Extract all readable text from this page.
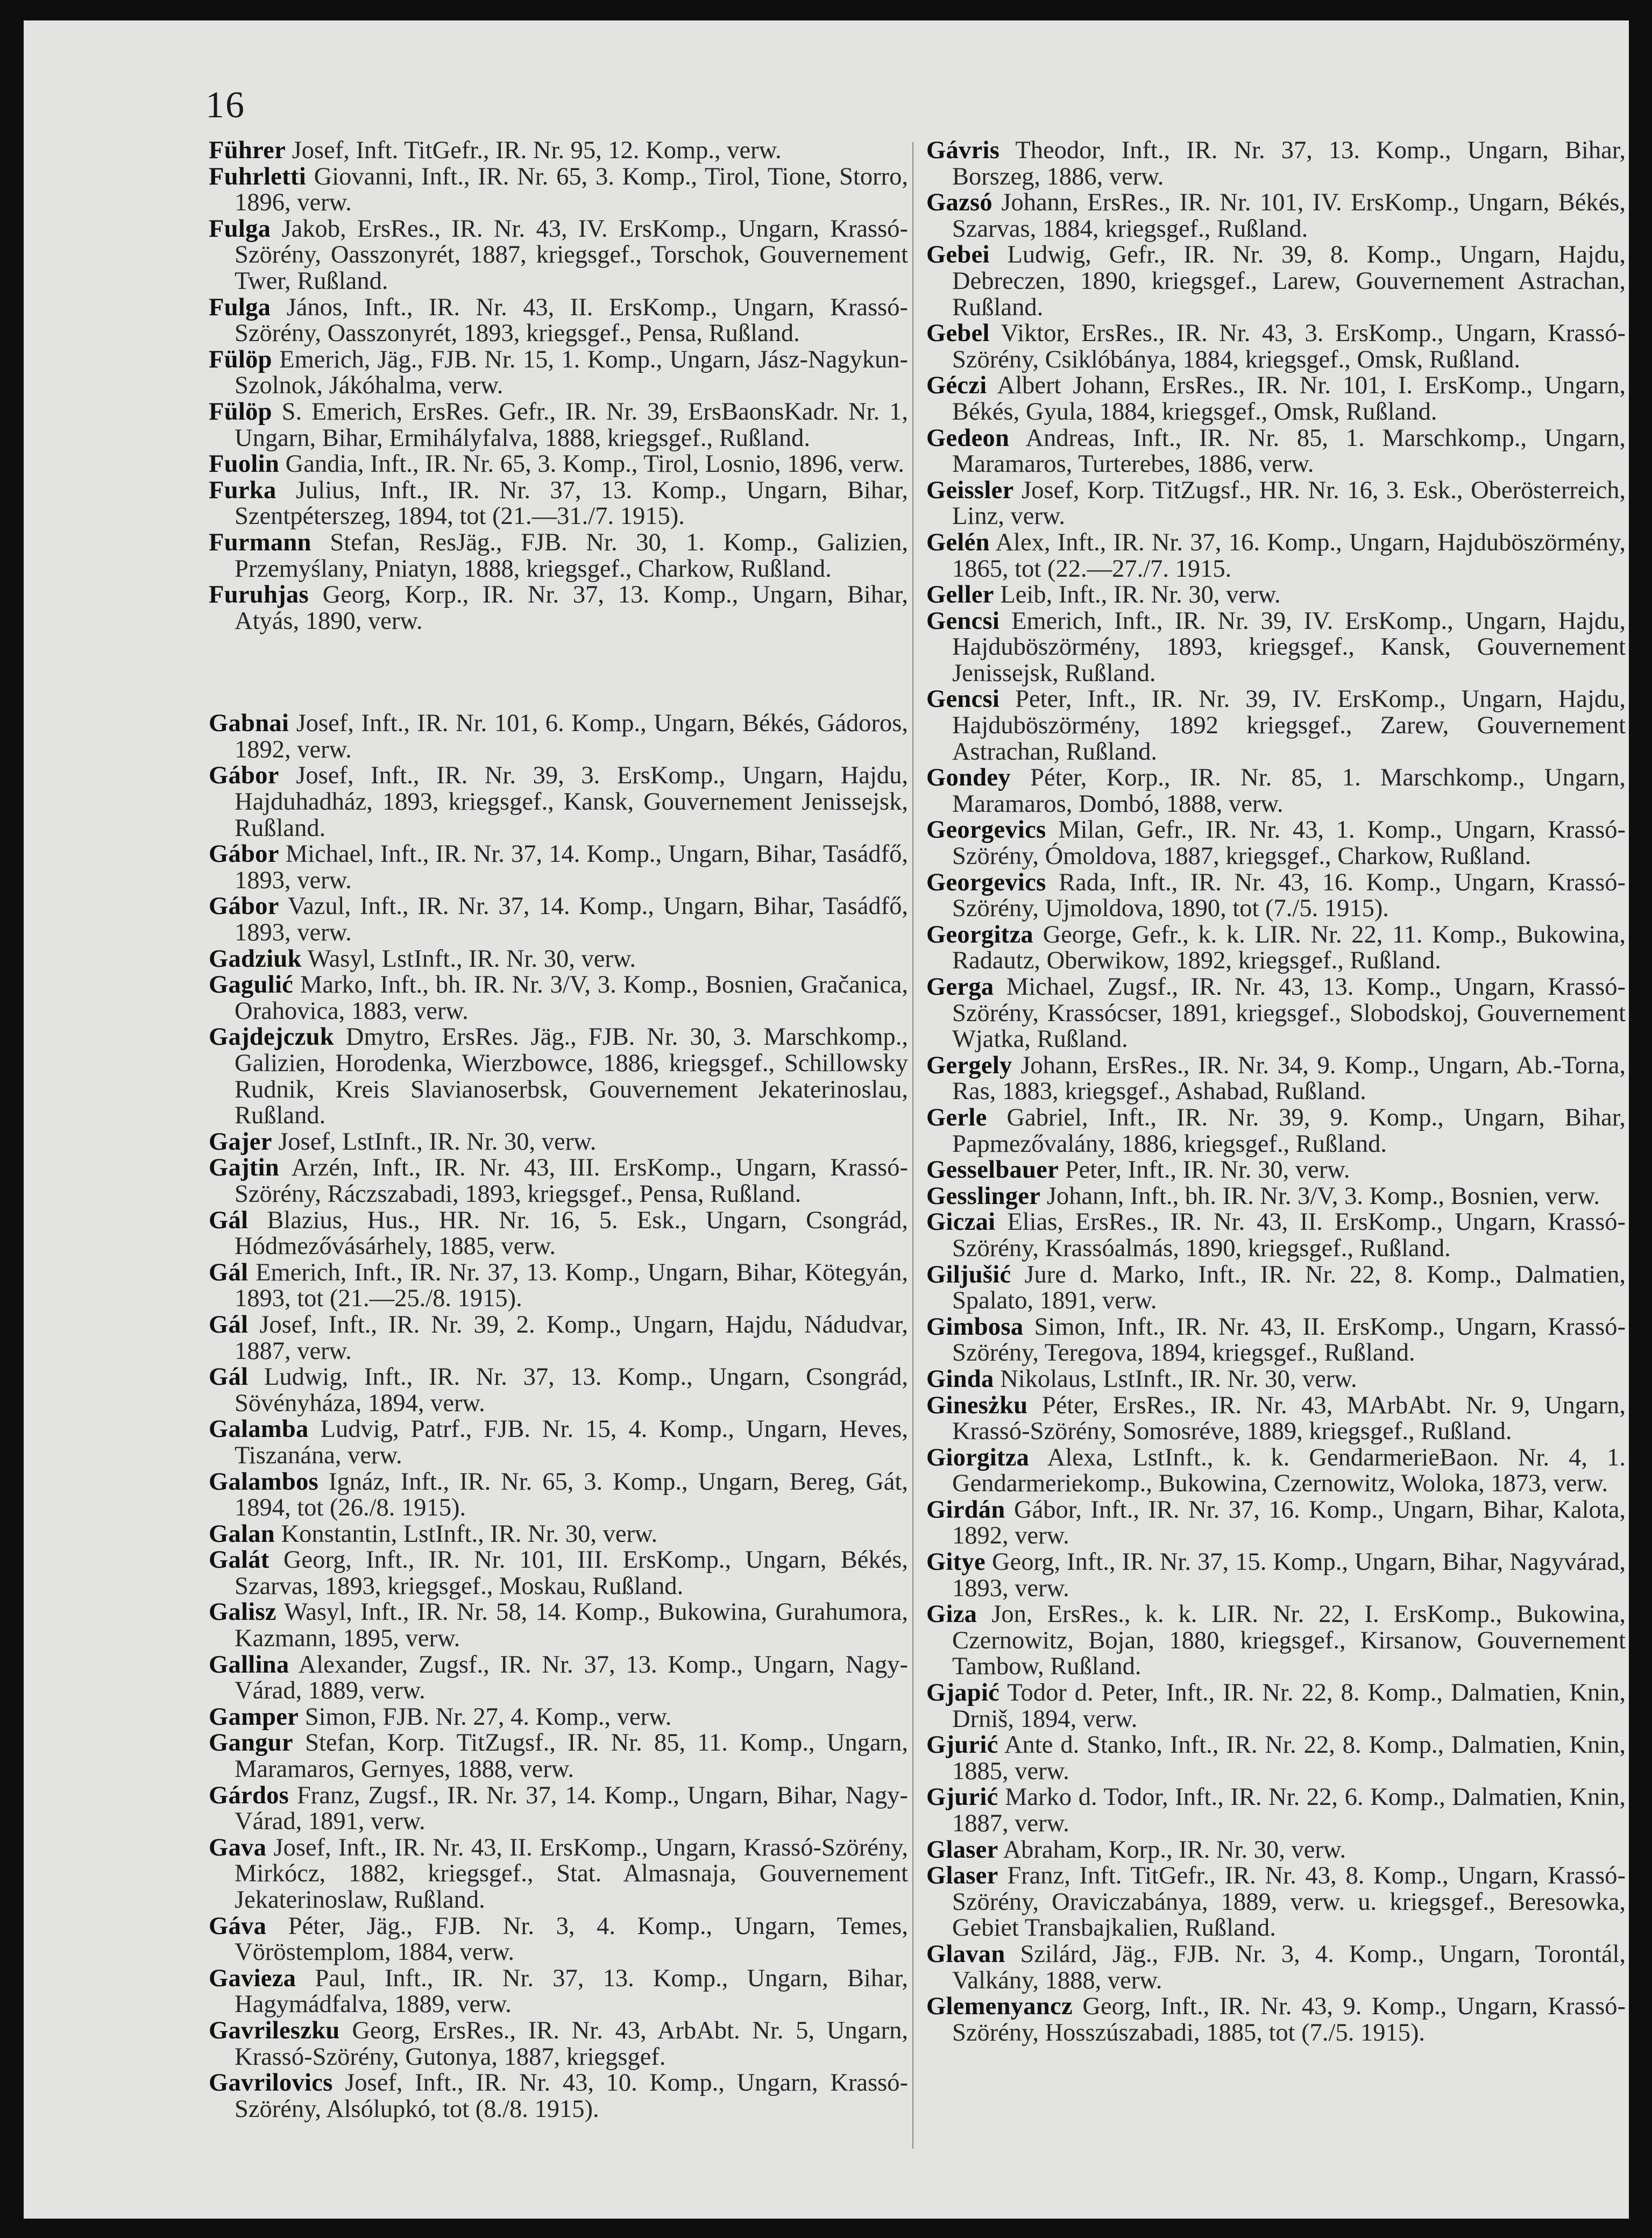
16

Führer Josef, Inft. TitGefr., IR. Nr. 95, 12. Komp., verw.

Fuhrletti Giovanni, Inft., IR. Nr. 65, 3. Komp., Tirol, Tione, Storro, 1896, verw.

Fulga Jakob, ErsRes., IR. Nr. 43, IV. ErsKomp., Ungarn, Krassó-Szörény, Oasszonyrét, 1887, kriegsgef., Torschok, Gouvernement Twer, Rußland.

Fulga János, Inft., IR. Nr. 43, II. ErsKomp., Ungarn, Krassó-Szörény, Oasszonyrét, 1893, kriegsgef., Pensa, Rußland.

Fülöp Emerich, Jäg., FJB. Nr. 15, 1. Komp., Ungarn, Jász-Nagykun-Szolnok, Jákóhalma, verw.

Fülöp S. Emerich, ErsRes. Gefr., IR. Nr. 39, ErsBaonsKadr. Nr. 1, Ungarn, Bihar, Ermihályfalva, 1888, kriegsgef., Rußland.

Fuolin Gandia, Inft., IR. Nr. 65, 3. Komp., Tirol, Losnio, 1896, verw.

Furka Julius, Inft., IR. Nr. 37, 13. Komp., Ungarn, Bihar, Szentpéterszeg, 1894, tot (21.—31./7. 1915).

Furmann Stefan, ResJäg., FJB. Nr. 30, 1. Komp., Galizien, Przemyślany, Pniatyn, 1888, kriegsgef., Charkow, Rußland.

Furuhjas Georg, Korp., IR. Nr. 37, 13. Komp., Ungarn, Bihar, Atyás, 1890, verw.

Gabnai Josef, Inft., IR. Nr. 101, 6. Komp., Ungarn, Békés, Gádoros, 1892, verw.

Gábor Josef, Inft., IR. Nr. 39, 3. ErsKomp., Ungarn, Hajdu, Hajduhadház, 1893, kriegsgef., Kansk, Gouvernement Jenissejsk, Rußland.

Gábor Michael, Inft., IR. Nr. 37, 14. Komp., Ungarn, Bihar, Tasádfő, 1893, verw.

Gábor Vazul, Inft., IR. Nr. 37, 14. Komp., Ungarn, Bihar, Tasádfő, 1893, verw.

Gadziuk Wasyl, LstInft., IR. Nr. 30, verw.

Gagulić Marko, Inft., bh. IR. Nr. 3/V, 3. Komp., Bosnien, Gračanica, Orahovica, 1883, verw.

Gajdejczuk Dmytro, ErsRes. Jäg., FJB. Nr. 30, 3. Marschkomp., Galizien, Horodenka, Wierzbowce, 1886, kriegsgef., Schillowsky Rudnik, Kreis Slavianoserbsk, Gouvernement Jekaterinoslau, Rußland.

Gajer Josef, LstInft., IR. Nr. 30, verw.

Gajtin Arzén, Inft., IR. Nr. 43, III. ErsKomp., Ungarn, Krassó-Szörény, Ráczszabadi, 1893, kriegsgef., Pensa, Rußland.

Gál Blazius, Hus., HR. Nr. 16, 5. Esk., Ungarn, Csongrád, Hódmezővásárhely, 1885, verw.

Gál Emerich, Inft., IR. Nr. 37, 13. Komp., Ungarn, Bihar, Kötegyán, 1893, tot (21.—25./8. 1915).

Gál Josef, Inft., IR. Nr. 39, 2. Komp., Ungarn, Hajdu, Nádudvar, 1887, verw.

Gál Ludwig, Inft., IR. Nr. 37, 13. Komp., Ungarn, Csongrád, Sövényháza, 1894, verw.

Galamba Ludvig, Patrf., FJB. Nr. 15, 4. Komp., Ungarn, Heves, Tiszanána, verw.

Galambos Ignáz, Inft., IR. Nr. 65, 3. Komp., Ungarn, Bereg, Gát, 1894, tot (26./8. 1915).

Galan Konstantin, LstInft., IR. Nr. 30, verw.

Galát Georg, Inft., IR. Nr. 101, III. ErsKomp., Ungarn, Békés, Szarvas, 1893, kriegsgef., Moskau, Rußland.

Galisz Wasyl, Inft., IR. Nr. 58, 14. Komp., Bukowina, Gurahumora, Kazmann, 1895, verw.

Gallina Alexander, Zugsf., IR. Nr. 37, 13. Komp., Ungarn, Nagy-Várad, 1889, verw.

Gamper Simon, FJB. Nr. 27, 4. Komp., verw.

Gangur Stefan, Korp. TitZugsf., IR. Nr. 85, 11. Komp., Ungarn, Maramaros, Gernyes, 1888, verw.

Gárdos Franz, Zugsf., IR. Nr. 37, 14. Komp., Ungarn, Bihar, Nagy-Várad, 1891, verw.

Gava Josef, Inft., IR. Nr. 43, II. ErsKomp., Ungarn, Krassó-Szörény, Mirkócz, 1882, kriegsgef., Stat. Almasnaja, Gouvernement Jekaterinoslaw, Rußland.

Gáva Péter, Jäg., FJB. Nr. 3, 4. Komp., Ungarn, Temes, Vöröstemplom, 1884, verw.

Gavieza Paul, Inft., IR. Nr. 37, 13. Komp., Ungarn, Bihar, Hagymádfalva, 1889, verw.

Gavrileszku Georg, ErsRes., IR. Nr. 43, ArbAbt. Nr. 5, Ungarn, Krassó-Szörény, Gutonya, 1887, kriegsgef.

Gavrilovics Josef, Inft., IR. Nr. 43, 10. Komp., Ungarn, Krassó-Szörény, Alsólupkó, tot (8./8. 1915).

Gávris Theodor, Inft., IR. Nr. 37, 13. Komp., Ungarn, Bihar, Borszeg, 1886, verw.

Gazsó Johann, ErsRes., IR. Nr. 101, IV. ErsKomp., Ungarn, Békés, Szarvas, 1884, kriegsgef., Rußland.

Gebei Ludwig, Gefr., IR. Nr. 39, 8. Komp., Ungarn, Hajdu, Debreczen, 1890, kriegsgef., Larew, Gouvernement Astrachan, Rußland.

Gebel Viktor, ErsRes., IR. Nr. 43, 3. ErsKomp., Ungarn, Krassó-Szörény, Csiklóbánya, 1884, kriegsgef., Omsk, Rußland.

Géczi Albert Johann, ErsRes., IR. Nr. 101, I. ErsKomp., Ungarn, Békés, Gyula, 1884, kriegsgef., Omsk, Rußland.

Gedeon Andreas, Inft., IR. Nr. 85, 1. Marschkomp., Ungarn, Maramaros, Turterebes, 1886, verw.

Geissler Josef, Korp. TitZugsf., HR. Nr. 16, 3. Esk., Oberösterreich, Linz, verw.

Gelén Alex, Inft., IR. Nr. 37, 16. Komp., Ungarn, Hajduböszörmény, 1865, tot (22.—27./7. 1915.

Geller Leib, Inft., IR. Nr. 30, verw.

Gencsi Emerich, Inft., IR. Nr. 39, IV. ErsKomp., Ungarn, Hajdu, Hajduböszörmény, 1893, kriegsgef., Kansk, Gouvernement Jenissejsk, Rußland.

Gencsi Peter, Inft., IR. Nr. 39, IV. ErsKomp., Ungarn, Hajdu, Hajduböszörmény, 1892 kriegsgef., Zarew, Gouvernement Astrachan, Rußland.

Gondey Péter, Korp., IR. Nr. 85, 1. Marschkomp., Ungarn, Maramaros, Dombó, 1888, verw.

Georgevics Milan, Gefr., IR. Nr. 43, 1. Komp., Ungarn, Krassó-Szörény, Ómoldova, 1887, kriegsgef., Charkow, Rußland.

Georgevics Rada, Inft., IR. Nr. 43, 16. Komp., Ungarn, Krassó-Szörény, Ujmoldova, 1890, tot (7./5. 1915).

Georgitza George, Gefr., k. k. LIR. Nr. 22, 11. Komp., Bukowina, Radautz, Oberwikow, 1892, kriegsgef., Rußland.

Gerga Michael, Zugsf., IR. Nr. 43, 13. Komp., Ungarn, Krassó-Szörény, Krassócser, 1891, kriegsgef., Slobodskoj, Gouvernement Wjatka, Rußland.

Gergely Johann, ErsRes., IR. Nr. 34, 9. Komp., Ungarn, Ab.-Torna, Ras, 1883, kriegsgef., Ashabad, Rußland.

Gerle Gabriel, Inft., IR. Nr. 39, 9. Komp., Ungarn, Bihar, Papmezővalány, 1886, kriegsgef., Rußland.

Gesselbauer Peter, Inft., IR. Nr. 30, verw.

Gesslinger Johann, Inft., bh. IR. Nr. 3/V, 3. Komp., Bosnien, verw.

Giczai Elias, ErsRes., IR. Nr. 43, II. ErsKomp., Ungarn, Krassó-Szörény, Krassóalmás, 1890, kriegsgef., Rußland.

Giljušić Jure d. Marko, Inft., IR. Nr. 22, 8. Komp., Dalmatien, Spalato, 1891, verw.

Gimbosa Simon, Inft., IR. Nr. 43, II. ErsKomp., Ungarn, Krassó-Szörény, Teregova, 1894, kriegsgef., Rußland.

Ginda Nikolaus, LstInft., IR. Nr. 30, verw.

Ginesżku Péter, ErsRes., IR. Nr. 43, MArbAbt. Nr. 9, Ungarn, Krassó-Szörény, Somosréve, 1889, kriegsgef., Rußland.

Giorgitza Alexa, LstInft., k. k. GendarmerieBaon. Nr. 4, 1. Gendarmeriekomp., Bukowina, Czernowitz, Woloka, 1873, verw.

Girdán Gábor, Inft., IR. Nr. 37, 16. Komp., Ungarn, Bihar, Kalota, 1892, verw.

Gitye Georg, Inft., IR. Nr. 37, 15. Komp., Ungarn, Bihar, Nagyvárad, 1893, verw.

Giza Jon, ErsRes., k. k. LIR. Nr. 22, I. ErsKomp., Bukowina, Czernowitz, Bojan, 1880, kriegsgef., Kirsanow, Gouvernement Tambow, Rußland.

Gjapić Todor d. Peter, Inft., IR. Nr. 22, 8. Komp., Dalmatien, Knin, Drniš, 1894, verw.

Gjurić Ante d. Stanko, Inft., IR. Nr. 22, 8. Komp., Dalmatien, Knin, 1885, verw.

Gjurić Marko d. Todor, Inft., IR. Nr. 22, 6. Komp., Dalmatien, Knin, 1887, verw.

Glaser Abraham, Korp., IR. Nr. 30, verw.

Glaser Franz, Inft. TitGefr., IR. Nr. 43, 8. Komp., Ungarn, Krassó-Szörény, Oraviczabánya, 1889, verw. u. kriegsgef., Beresowka, Gebiet Transbajkalien, Rußland.

Glavan Szilárd, Jäg., FJB. Nr. 3, 4. Komp., Ungarn, Torontál, Valkány, 1888, verw.

Glemenyancz Georg, Inft., IR. Nr. 43, 9. Komp., Ungarn, Krassó-Szörény, Hosszúszabadi, 1885, tot (7./5. 1915).
